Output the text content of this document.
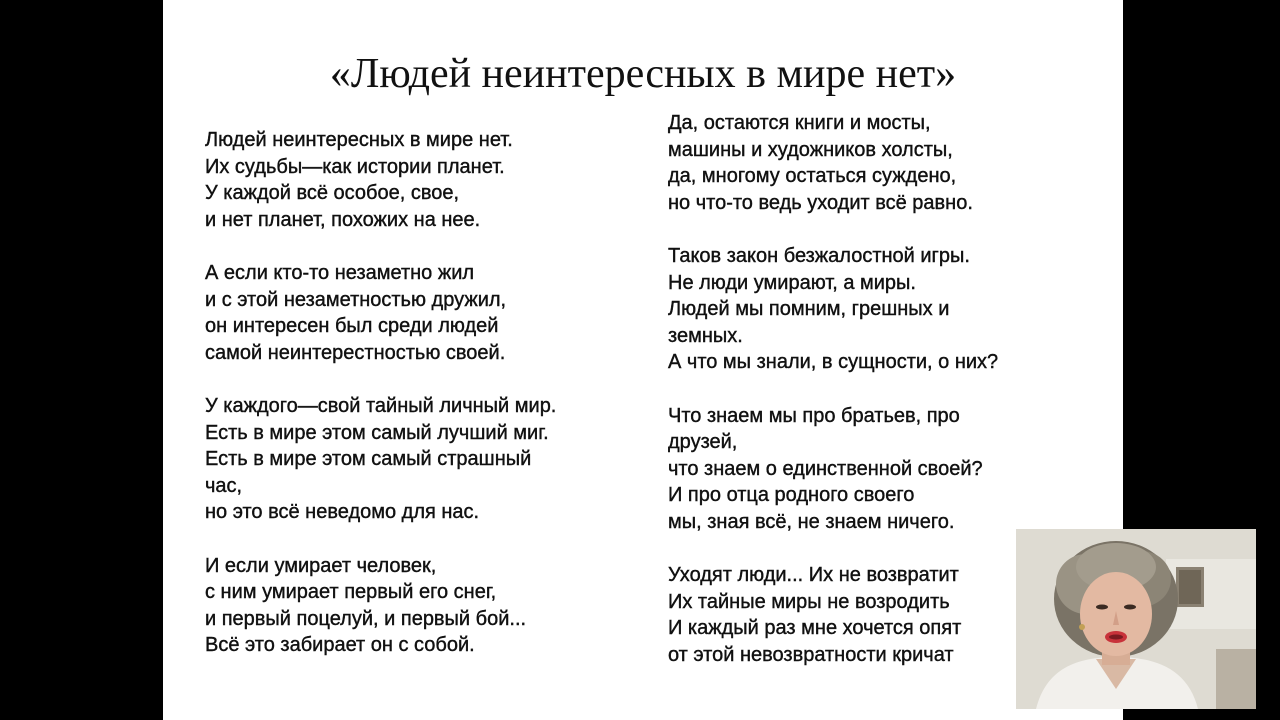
«Людей неинтересных в мире нет»
Людей неинтересных в мире нет.
Их судьбы—как истории планет.
У каждой всё особое, свое,
и нет планет, похожих на нее.
А если кто-то незаметно жил
и с этой незаметностью дружил,
он интересен был среди людей
самой неинтерестностью своей.
У каждого—свой тайный личный мир.
Есть в мире этом самый лучший миг.
Есть в мире этом самый страшный
час,
но это всё неведомо для нас.
И если умирает человек,
с ним умирает первый его снег,
и первый поцелуй, и первый бой...
Всё это забирает он с собой.
Да, остаются книги и мосты,
машины и художников холсты,
да, многому остаться суждено,
но что-то ведь уходит всё равно.
Таков закон безжалостной игры.
Не люди умирают, а миры.
Людей мы помним, грешных и
земных.
А что мы знали, в сущности, о них?
Что знаем мы про братьев, про
друзей,
что знаем о единственной своей?
И про отца родного своего
мы, зная всё, не знаем ничего.
Уходят люди... Их не возвратит
Их тайные миры не возродить
И каждый раз мне хочется опят
от этой невозвратности кричат
